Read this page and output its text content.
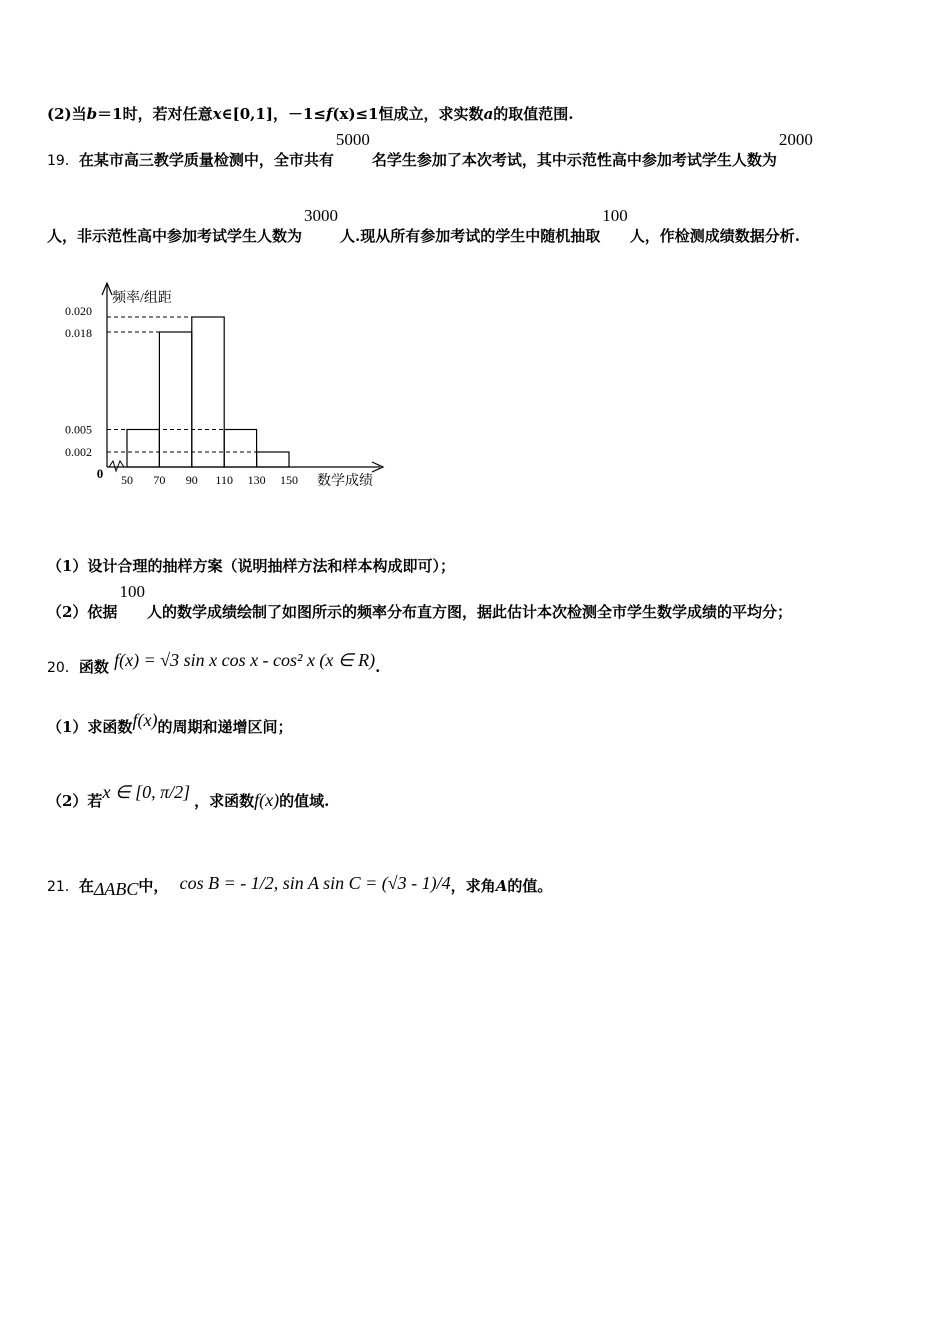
(2)当b＝1时，若对任意x∈[0,1]，－1≤f(x)≤1恒成立，求实数a的取值范围.
19．在某市高三教学质量检测中，全市共有5000名学生参加了本次考试，其中示范性高中参加考试学生人数为2000
人，非示范性高中参加考试学生人数为3000人.现从所有参加考试的学生中随机抽取100人，作检测成绩数据分析.
0.002
0.005
0.018
0.020
50 70 90 110 130 150
0
频率/组距
数学成绩
（1）设计合理的抽样方案（说明抽样方法和样本构成即可）；
（2）依据100人的数学成绩绘制了如图所示的频率分布直方图，据此估计本次检测全市学生数学成绩的平均分；
20．函数 f(x) = √3 sin x cos x - cos² x (x ∈ R).
（1）求函数f(x)的周期和递增区间；
（2）若x ∈ [0, π/2] ，求函数f(x)的值域.
21．在ΔABC中， cos B = - 1/2, sin A sin C = (√3 - 1)/4，求角A的值。
